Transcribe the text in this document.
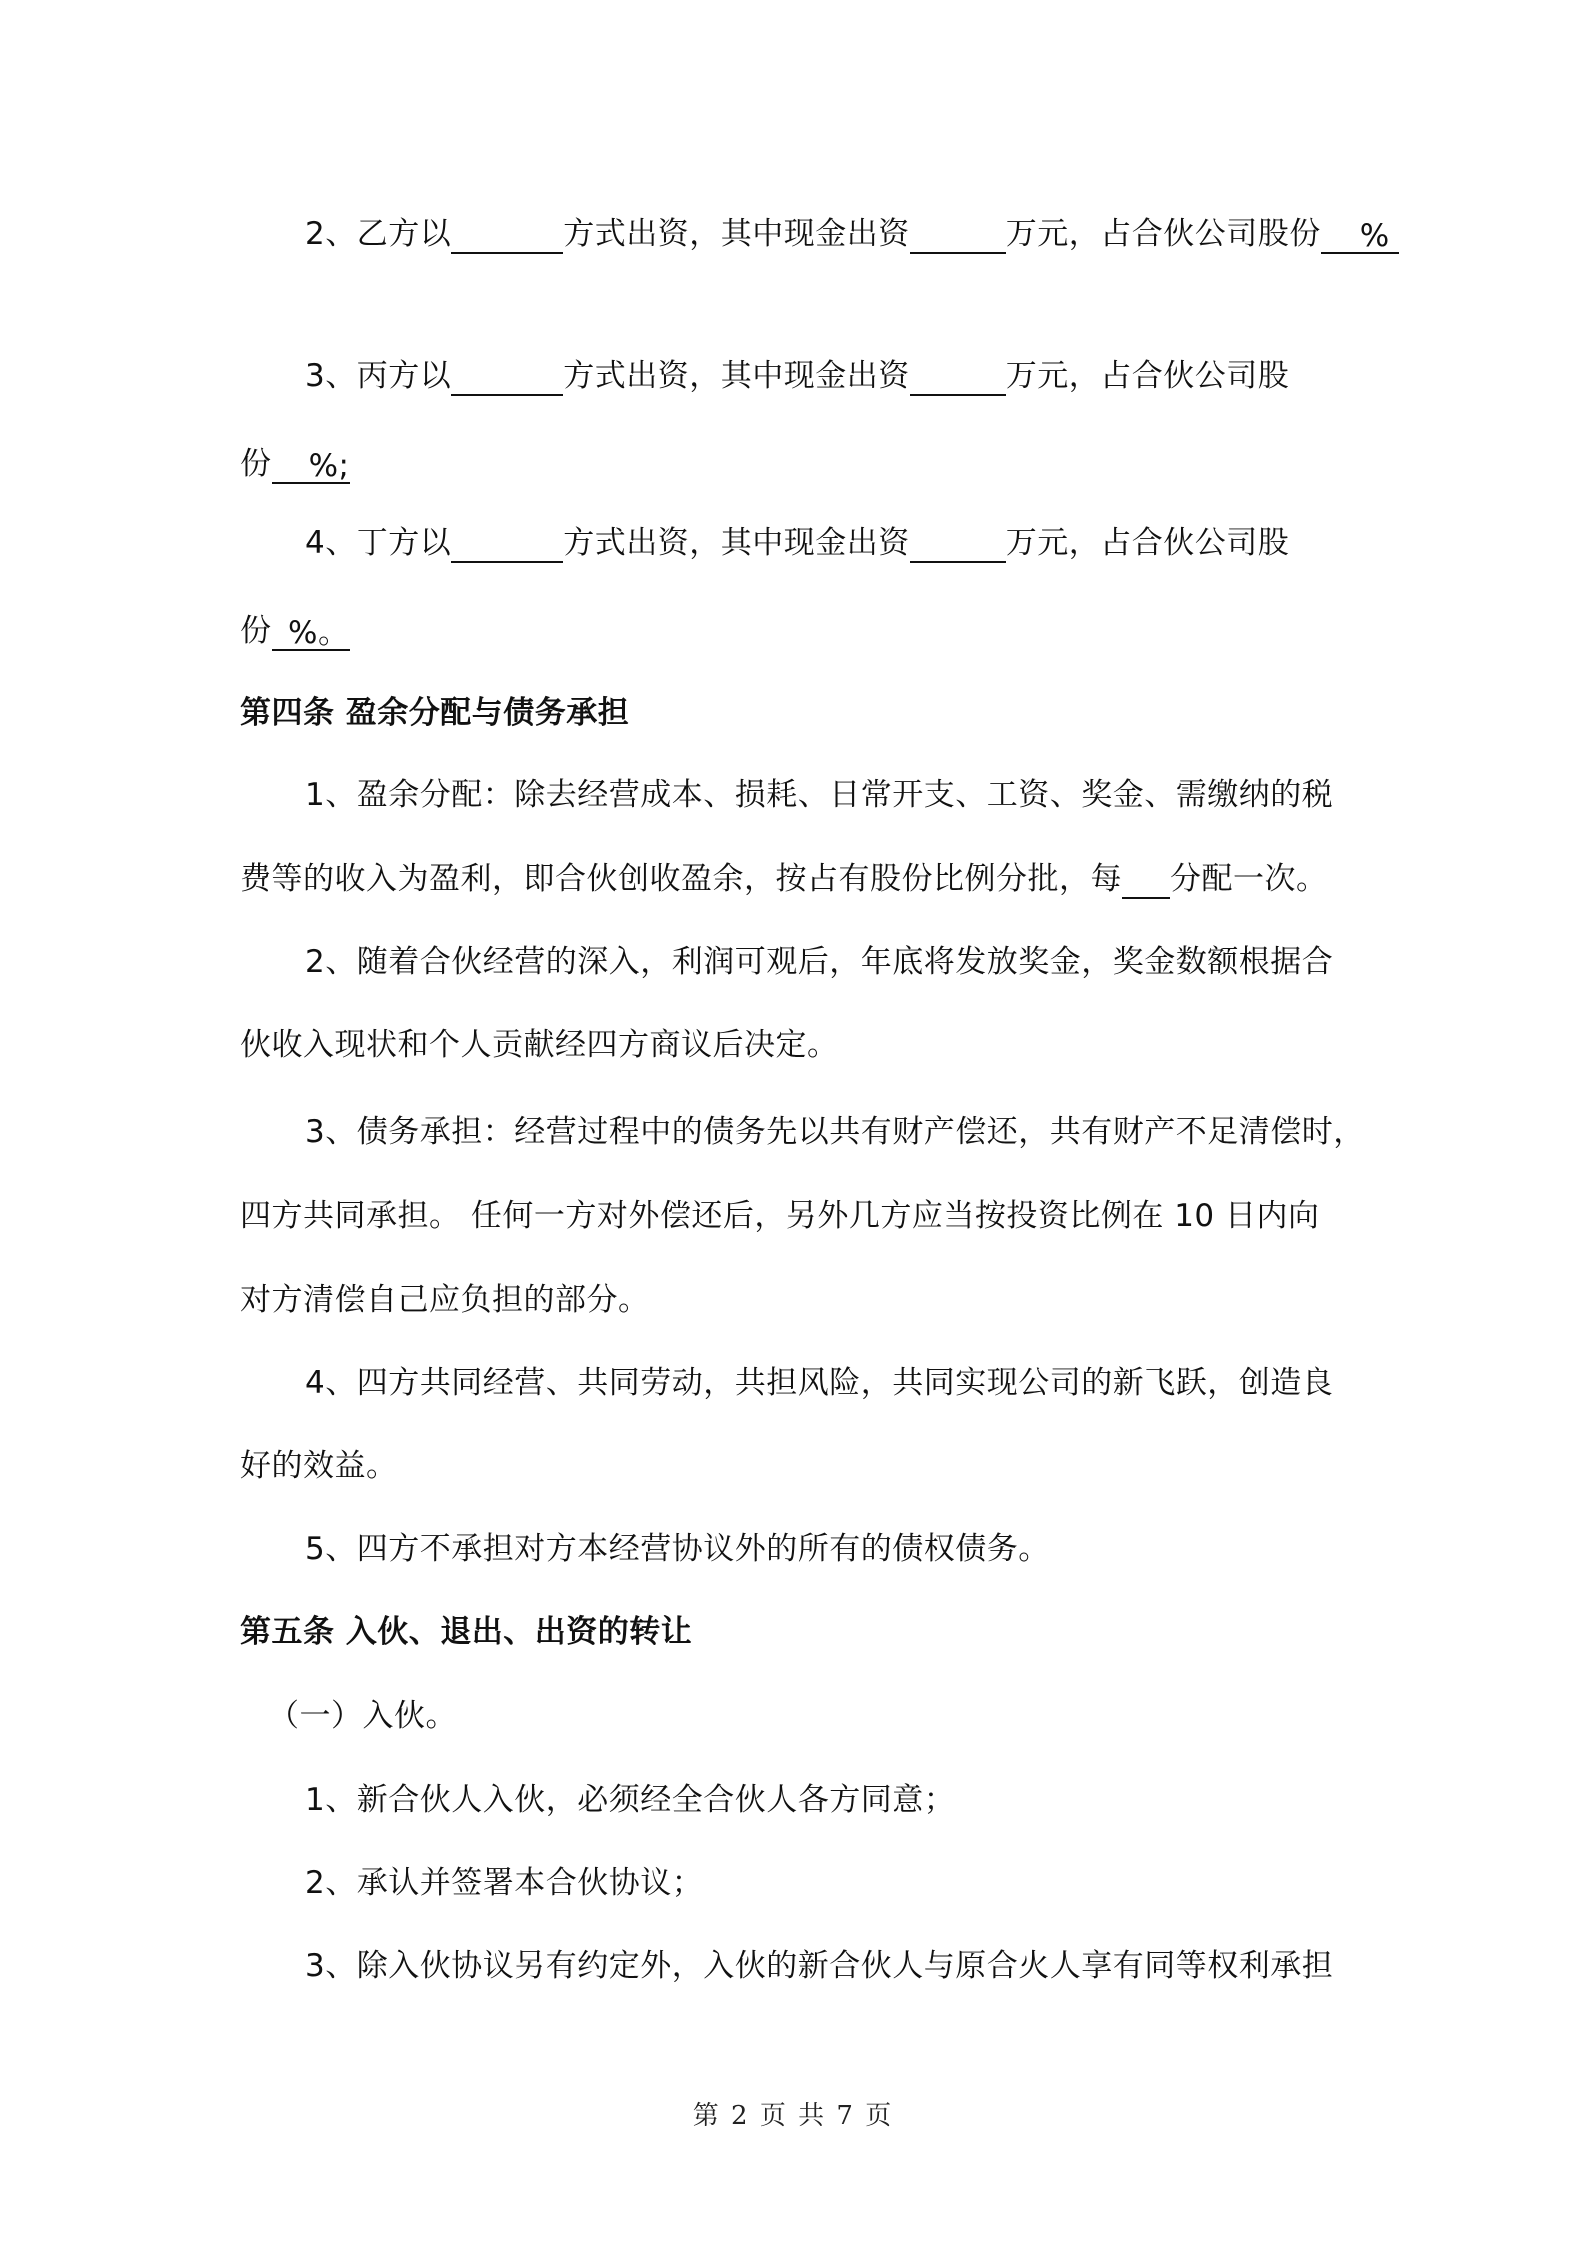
2、乙方以	方式出资，其中现金出资	万元，占合伙公司股份 %
3、丙方以	方式出资，其中现金出资	万元，占合伙公司股
份 %;
4、丁方以	方式出资，其中现金出资	万元，占合伙公司股
份 %。
第四条 盈余分配与债务承担
1、盈余分配：除去经营成本、损耗、日常开支、工资、奖金、需缴纳的税
费等的收入为盈利，即合伙创收盈余，按占有股份比例分批，每 分配一次。
2、随着合伙经营的深入，利润可观后，年底将发放奖金，奖金数额根据合
伙收入现状和个人贡献经四方商议后决定。
3、债务承担：经营过程中的债务先以共有财产偿还，共有财产不足清偿时，
四方共同承担。 任何一方对外偿还后，另外几方应当按投资比例在 10 日内向
对方清偿自己应负担的部分。
4、四方共同经营、共同劳动，共担风险，共同实现公司的新飞跃，创造良
好的效益。
5、四方不承担对方本经营协议外的所有的债权债务。
第五条 入伙、退出、出资的转让
（一）入伙。
1、新合伙人入伙，必须经全合伙人各方同意；
2、承认并签署本合伙协议；
3、除入伙协议另有约定外，入伙的新合伙人与原合火人享有同等权利承担
第 2 页 共 7 页
